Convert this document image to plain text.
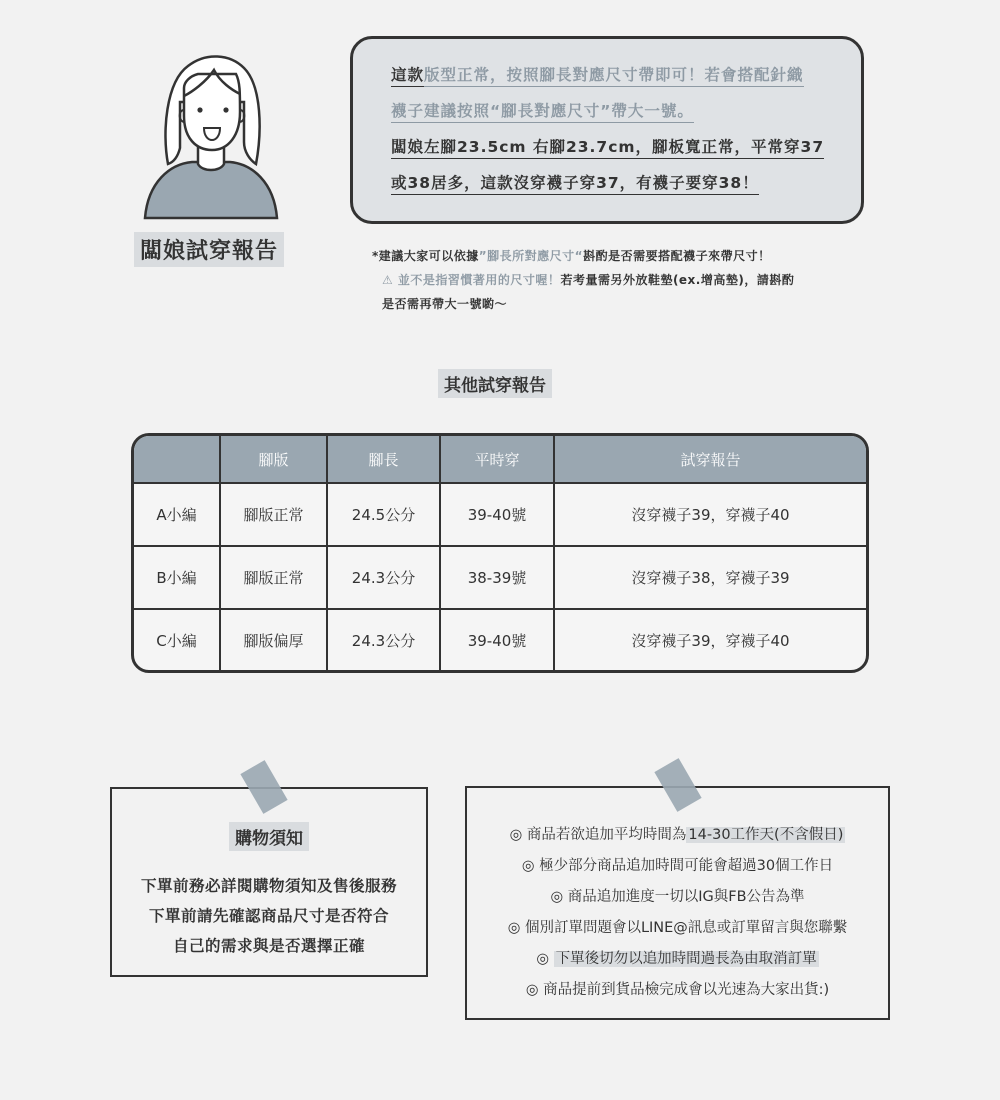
闆娘試穿報告
這款版型正常，按照腳長對應尺寸帶即可！若會搭配針織
襪子建議按照“腳長對應尺寸”帶大一號。
闆娘左腳23.5cm 右腳23.7cm，腳板寬正常，平常穿37
或38居多，這款沒穿襪子穿37，有襪子要穿38！
*建議大家可以依據”腳長所對應尺寸“斟酌是否需要搭配襪子來帶尺寸！
⚠ 並不是指習慣著用的尺寸喔！若考量需另外放鞋墊(ex.增高墊)，請斟酌
是否需再帶大一號喲～
其他試穿報告
	腳版	腳長	平時穿	試穿報告
A小編	腳版正常	24.5公分	39-40號	沒穿襪子39，穿襪子40
B小編	腳版正常	24.3公分	38-39號	沒穿襪子38，穿襪子39
C小編	腳版偏厚	24.3公分	39-40號	沒穿襪子39，穿襪子40
購物須知
下單前務必詳閱購物須知及售後服務
下單前請先確認商品尺寸是否符合
自己的需求與是否選擇正確
◎ 商品若欲追加平均時間為 14-30工作天(不含假日)
◎ 極少部分商品追加時間可能會超過30個工作日
◎ 商品追加進度一切以IG與FB公告為準
◎ 個別訂單問題會以LINE@訊息或訂單留言與您聯繫
◎ 下單後切勿以追加時間過長為由取消訂單
◎ 商品提前到貨品檢完成會以光速為大家出貨:)
